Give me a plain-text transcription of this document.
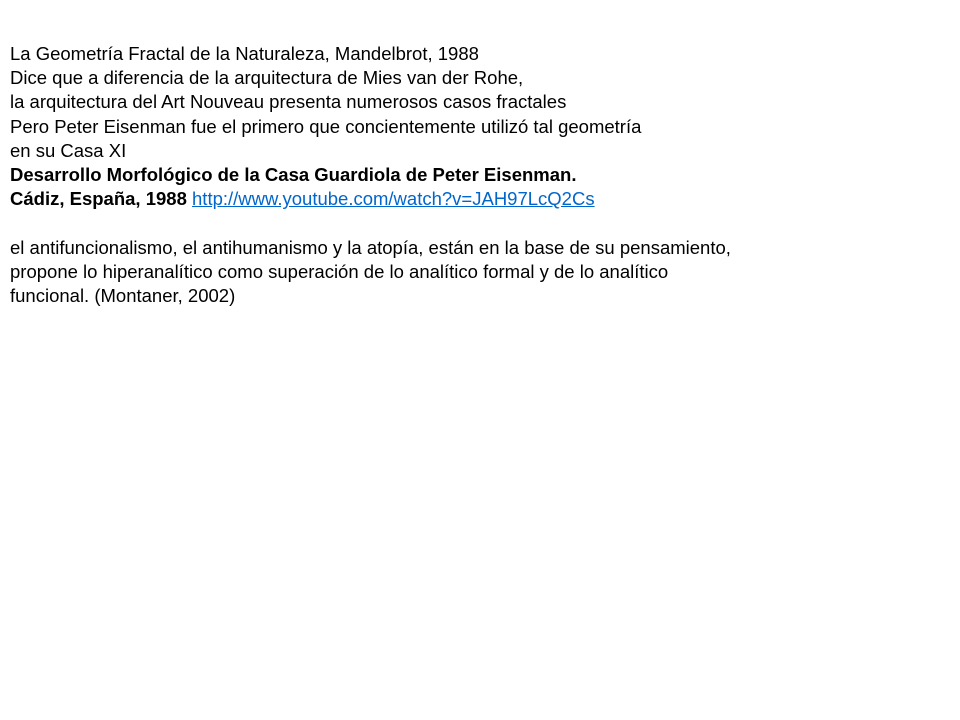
La Geometría Fractal de la Naturaleza, Mandelbrot, 1988
Dice que a diferencia de la arquitectura de Mies van der Rohe,
la arquitectura del Art Nouveau presenta numerosos casos fractales
Pero Peter Eisenman fue el primero que concientemente utilizó tal geometría
en su Casa XI
Desarrollo Morfológico de la Casa Guardiola de Peter Eisenman.
Cádiz, España, 1988 http://www.youtube.com/watch?v=JAH97LcQ2Cs
el antifuncionalismo, el antihumanismo y la atopía, están en la base de su pensamiento,
propone lo hiperanalítico como superación de lo analítico formal y de lo analítico
funcional. (Montaner, 2002)
